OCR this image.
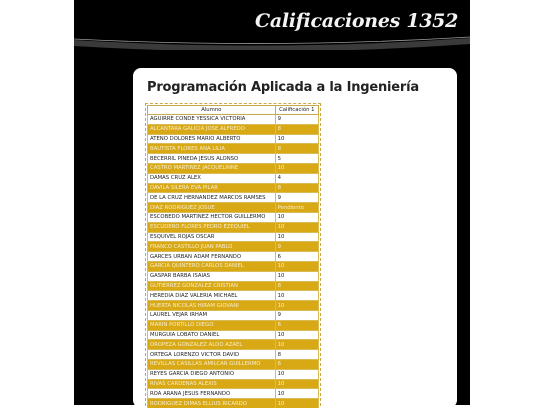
Calificaciones 1352
Programación Aplicada a la Ingeniería
Alumno	Calificación 1
AGUIRRE CONDE YESSICA VICTORIA	9
ALCANTARA GALICIA JOSE ALFREDO	8
ATENO DOLORES MARIO ALBERTO	10
BAUTISTA FLORES ANA LILIA	8
BECERRIL PINEDA JESUS ALONSO	5
CASTRO MARTINEZ JACQUELINNE	10
DAMAS CRUZ ALEX	4
DAVILA SILERA EVA PILAR	8
DE LA CRUZ HERNANDEZ MARCOS RAMSES	9
DIAZ RODRIGUEZ JOSUE	Pendiente
ESCOBEDO MARTINEZ HECTOR GUILLERMO	10
ESCUDERO FLORES PEDRO EZEQUIEL	10
ESQUIVEL ROJAS OSCAR	10
FRANCO CASTILLO JUAN PABLO	9
GARCES URBAN ADAM FERNANDO	6
GARCIA QUINTERO CARLOS DANIEL	10
GASPAR BARBA ISAIAS	10
GUTIERREZ GONZALEZ CRISTIAN	8
HEREDIA DIAZ VALERIA MICHAEL	10
HUERTA NICOLAS HIRAM GIOVANI	10
LAUREL VEJAR IRHAM	9
MARIN PORTILLO DIEGO	6
MURGUIA LOBATO DANIEL	10
OROPEZA GONZALEZ ALDO AZAEL	10
ORTEGA LORENZO VICTOR DAVID	8
REVILLAS CASILLAS AMILCAR GUILLERMO	6
REYES GARCIA DIEGO ANTONIO	10
RIVAS CARDENAS ALEXIS	10
ROA ARANA JESUS FERNANDO	10
RODRIGUEZ DIMAS ELLIUS RICARDO	10
